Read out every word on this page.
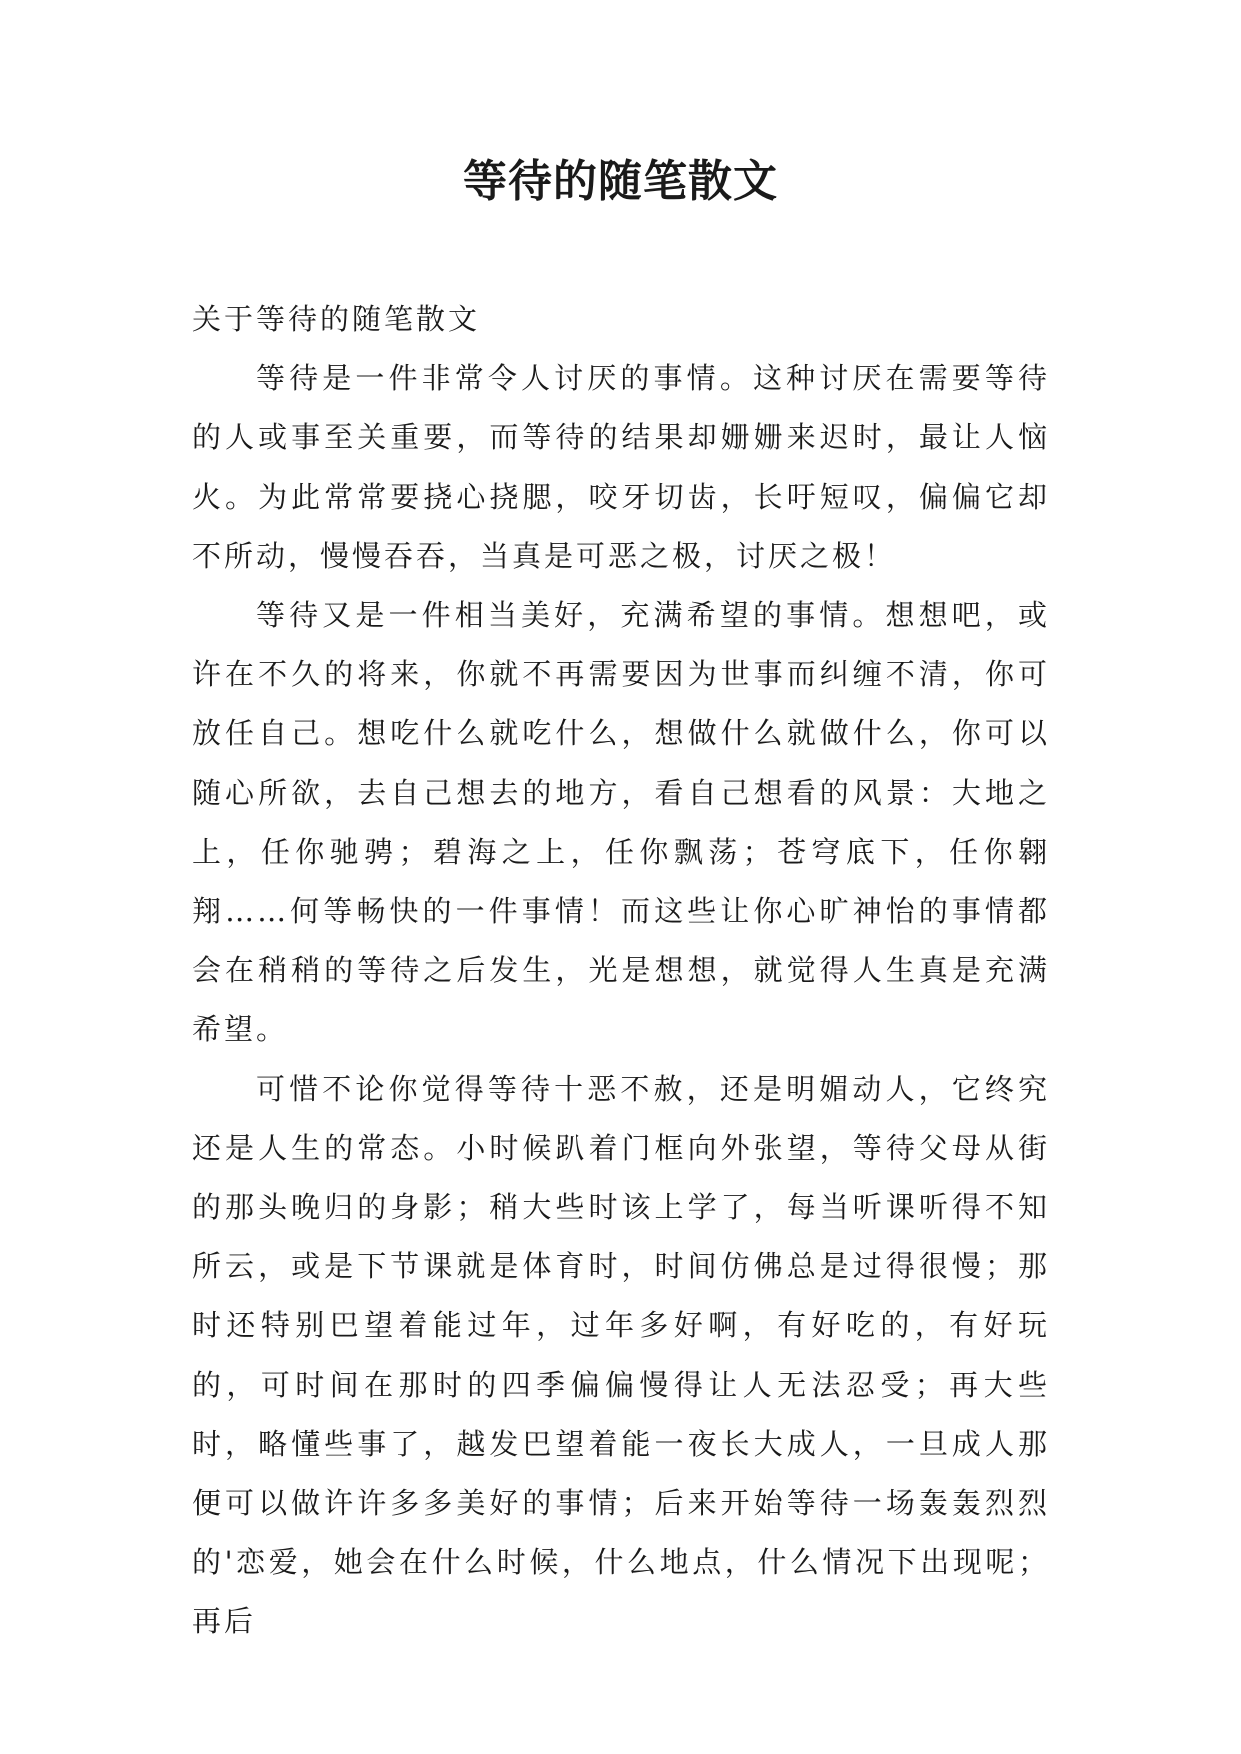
等待的随笔散文

关于等待的随笔散文

等待是一件非常令人讨厌的事情。这种讨厌在需要等待的人或事至关重要，而等待的结果却姗姗来迟时，最让人恼火。为此常常要挠心挠腮，咬牙切齿，长吁短叹，偏偏它却不所动，慢慢吞吞，当真是可恶之极，讨厌之极！

等待又是一件相当美好，充满希望的事情。想想吧，或许在不久的将来，你就不再需要因为世事而纠缠不清，你可放任自己。想吃什么就吃什么，想做什么就做什么，你可以随心所欲，去自己想去的地方，看自己想看的风景：大地之上，任你驰骋；碧海之上，任你飘荡；苍穹底下，任你翱翔……何等畅快的一件事情！而这些让你心旷神怡的事情都会在稍稍的等待之后发生，光是想想，就觉得人生真是充满希望。

可惜不论你觉得等待十恶不赦，还是明媚动人，它终究还是人生的常态。小时候趴着门框向外张望，等待父母从街的那头晚归的身影；稍大些时该上学了，每当听课听得不知所云，或是下节课就是体育时，时间仿佛总是过得很慢；那时还特别巴望着能过年，过年多好啊，有好吃的，有好玩的，可时间在那时的四季偏偏慢得让人无法忍受；再大些时，略懂些事了，越发巴望着能一夜长大成人，一旦成人那便可以做许许多多美好的事情；后来开始等待一场轰轰烈烈的'恋爱，她会在什么时候，什么地点，什么情况下出现呢；再后
